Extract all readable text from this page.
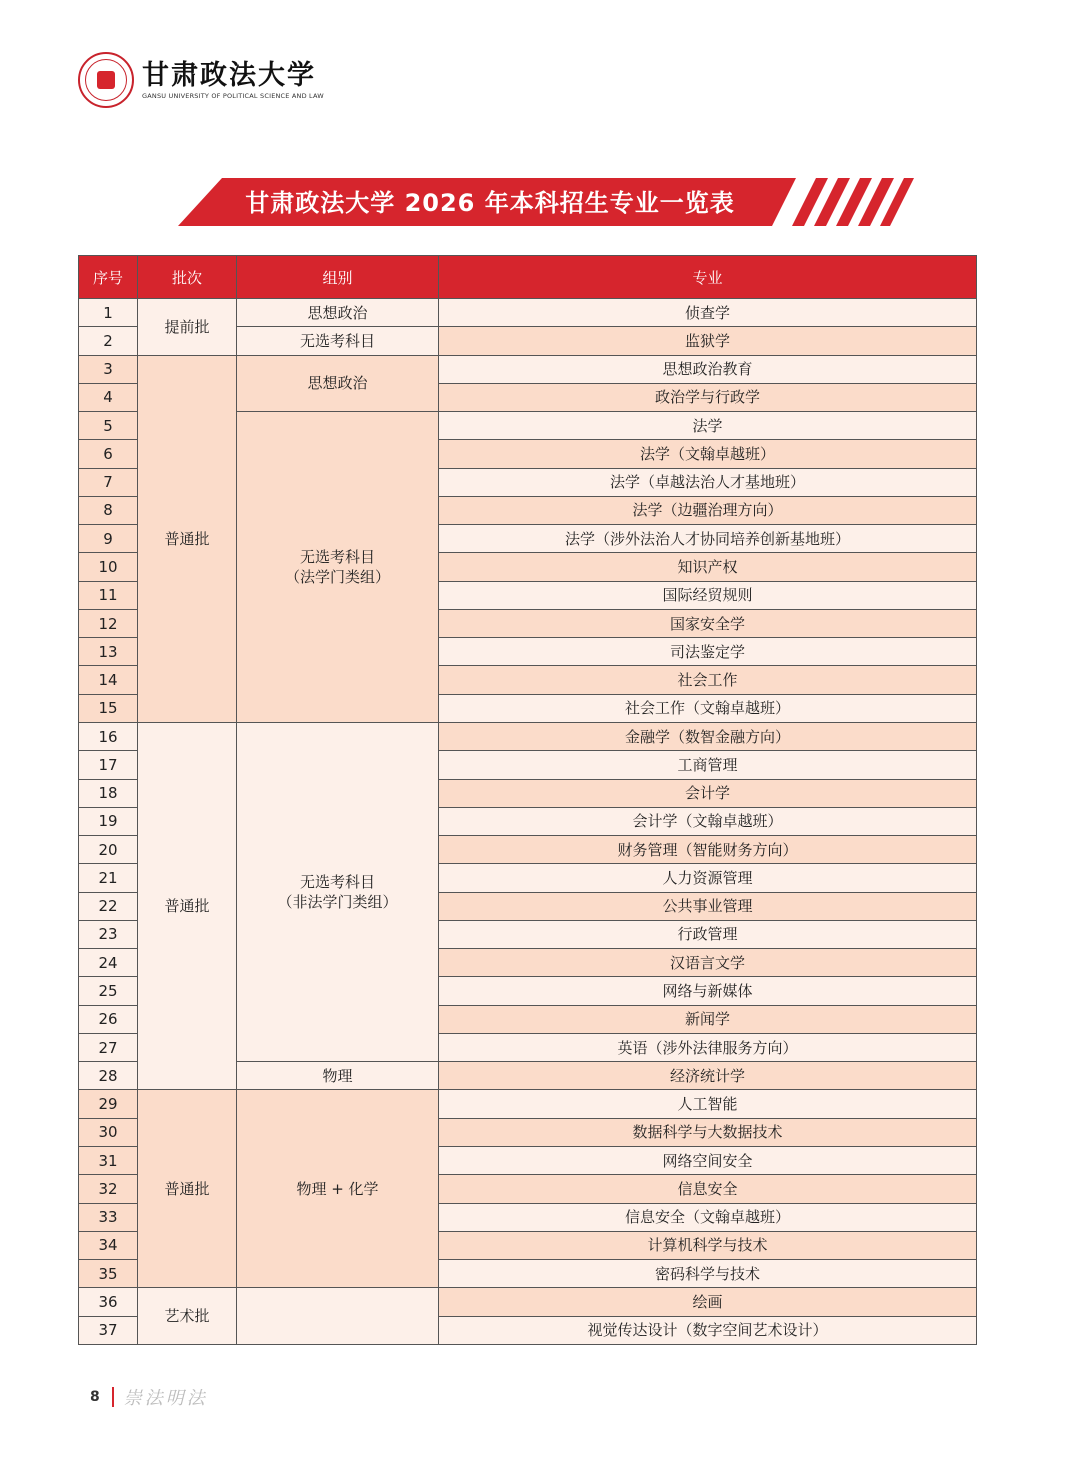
甘肃政法大学
GANSU UNIVERSITY OF POLITICAL SCIENCE AND LAW
甘肃政法大学 2026 年本科招生专业一览表
序号	批次	组别	专业
1	提前批	思想政治	侦查学
2		无选考科目	监狱学
3	普通批	思想政治	思想政治教育
4			政治学与行政学
5		无选考科目
（法学门类组）	法学
6			法学（文翰卓越班）
7			法学（卓越法治人才基地班）
8			法学（边疆治理方向）
9			法学（涉外法治人才协同培养创新基地班）
10			知识产权
11			国际经贸规则
12			国家安全学
13			司法鉴定学
14			社会工作
15			社会工作（文翰卓越班）
16	普通批	无选考科目
（非法学门类组）	金融学（数智金融方向）
17			工商管理
18			会计学
19			会计学（文翰卓越班）
20			财务管理（智能财务方向）
21			人力资源管理
22			公共事业管理
23			行政管理
24			汉语言文学
25			网络与新媒体
26			新闻学
27			英语（涉外法律服务方向）
28		物理	经济统计学
29	普通批	物理 + 化学	人工智能
30			数据科学与大数据技术
31			网络空间安全
32			信息安全
33			信息安全（文翰卓越班）
34			计算机科学与技术
35			密码科学与技术
36	艺术批		绘画
37			视觉传达设计（数字空间艺术设计）
8 崇法明法
